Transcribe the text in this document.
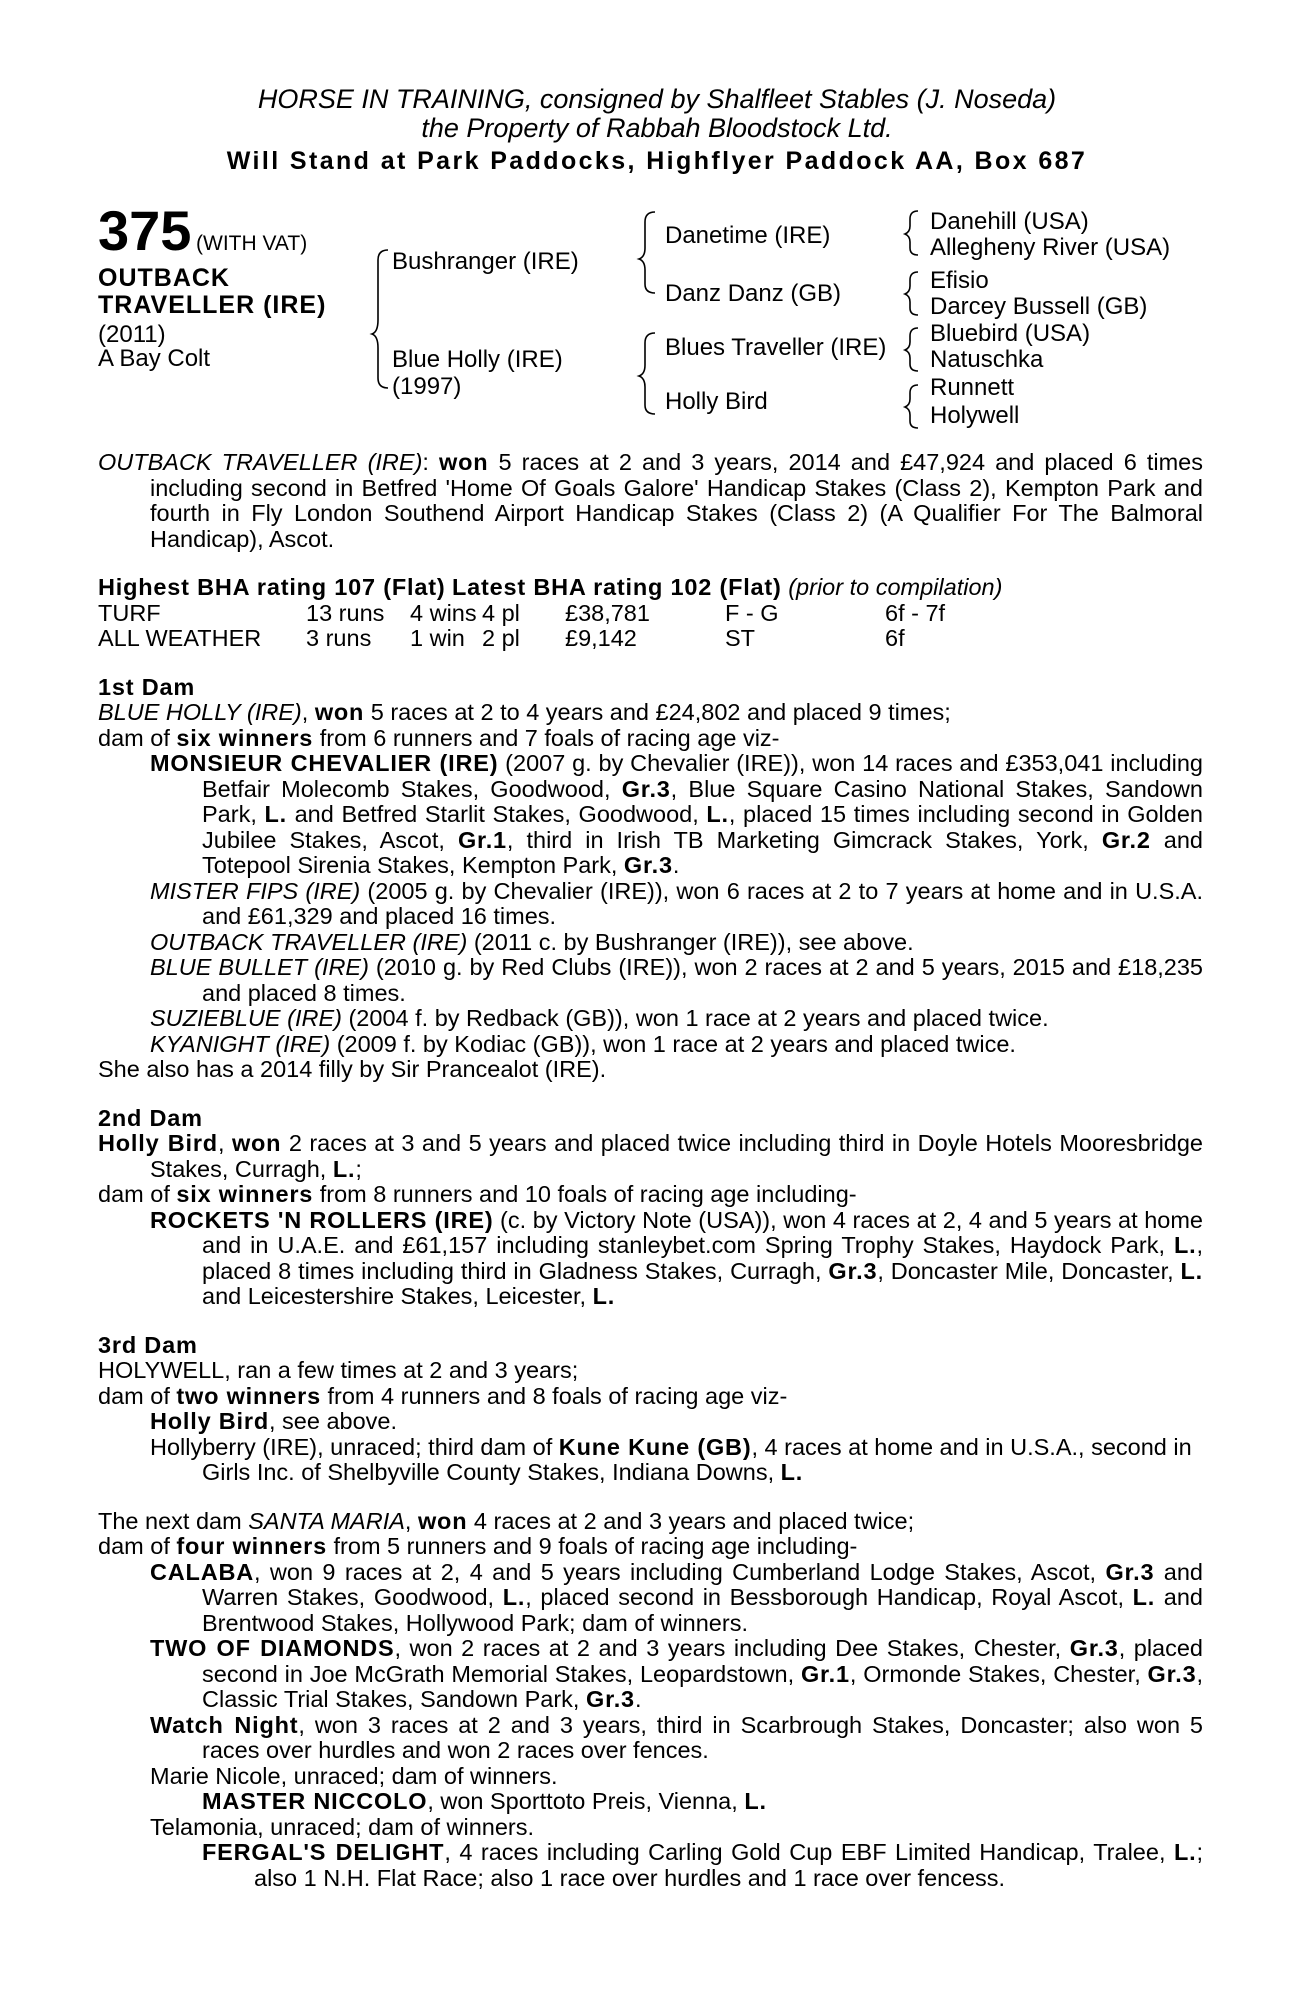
HORSE IN TRAINING, consigned by Shalfleet Stables (J. Noseda)
the Property of Rabbah Bloodstock Ltd.
Will Stand at Park Paddocks, Highflyer Paddock AA, Box 687
375 (WITH VAT)
OUTBACK
TRAVELLER (IRE)
(2011)
A Bay Colt
Bushranger (IRE)
Blue Holly (IRE)
(1997)
Danetime (IRE)
Danz Danz (GB)
Blues Traveller (IRE)
Holly Bird
Danehill (USA)
Allegheny River (USA)
Efisio
Darcey Bussell (GB)
Bluebird (USA)
Natuschka
Runnett
Holywell

OUTBACK TRAVELLER (IRE): won 5 races at 2 and 3 years, 2014 and £47,924 and placed 6 times including second in Betfred 'Home Of Goals Galore' Handicap Stakes (Class 2), Kempton Park and fourth in Fly London Southend Airport Handicap Stakes (Class 2) (A Qualifier For The Balmoral Handicap), Ascot.

Highest BHA rating 107 (Flat) Latest BHA rating 102 (Flat) (prior to compilation)

TURF	13 runs	4 wins	4 pl	£38,781	F - G	6f - 7f
ALL WEATHER	3 runs	1 win	2 pl	£9,142	ST	6f

1st Dam

BLUE HOLLY (IRE), won 5 races at 2 to 4 years and £24,802 and placed 9 times;

dam of six winners from 6 runners and 7 foals of racing age viz-

MONSIEUR CHEVALIER (IRE) (2007 g. by Chevalier (IRE)), won 14 races and £353,041 including Betfair Molecomb Stakes, Goodwood, Gr.3, Blue Square Casino National Stakes, Sandown Park, L. and Betfred Starlit Stakes, Goodwood, L., placed 15 times including second in Golden Jubilee Stakes, Ascot, Gr.1, third in Irish TB Marketing Gimcrack Stakes, York, Gr.2 and Totepool Sirenia Stakes, Kempton Park, Gr.3.

MISTER FIPS (IRE) (2005 g. by Chevalier (IRE)), won 6 races at 2 to 7 years at home and in U.S.A. and £61,329 and placed 16 times.

OUTBACK TRAVELLER (IRE) (2011 c. by Bushranger (IRE)), see above.

BLUE BULLET (IRE) (2010 g. by Red Clubs (IRE)), won 2 races at 2 and 5 years, 2015 and £18,235 and placed 8 times.

SUZIEBLUE (IRE) (2004 f. by Redback (GB)), won 1 race at 2 years and placed twice.

KYANIGHT (IRE) (2009 f. by Kodiac (GB)), won 1 race at 2 years and placed twice.

She also has a 2014 filly by Sir Prancealot (IRE).

2nd Dam

Holly Bird, won 2 races at 3 and 5 years and placed twice including third in Doyle Hotels Mooresbridge Stakes, Curragh, L.;

dam of six winners from 8 runners and 10 foals of racing age including-

ROCKETS 'N ROLLERS (IRE) (c. by Victory Note (USA)), won 4 races at 2, 4 and 5 years at home and in U.A.E. and £61,157 including stanleybet.com Spring Trophy Stakes, Haydock Park, L., placed 8 times including third in Gladness Stakes, Curragh, Gr.3, Doncaster Mile, Doncaster, L. and Leicestershire Stakes, Leicester, L.

3rd Dam

HOLYWELL, ran a few times at 2 and 3 years;

dam of two winners from 4 runners and 8 foals of racing age viz-

Holly Bird, see above.

Hollyberry (IRE), unraced; third dam of Kune Kune (GB), 4 races at home and in U.S.A., second in Girls Inc. of Shelbyville County Stakes, Indiana Downs, L.

The next dam SANTA MARIA, won 4 races at 2 and 3 years and placed twice;

dam of four winners from 5 runners and 9 foals of racing age including-

CALABA, won 9 races at 2, 4 and 5 years including Cumberland Lodge Stakes, Ascot, Gr.3 and Warren Stakes, Goodwood, L., placed second in Bessborough Handicap, Royal Ascot, L. and Brentwood Stakes, Hollywood Park; dam of winners.

TWO OF DIAMONDS, won 2 races at 2 and 3 years including Dee Stakes, Chester, Gr.3, placed second in Joe McGrath Memorial Stakes, Leopardstown, Gr.1, Ormonde Stakes, Chester, Gr.3, Classic Trial Stakes, Sandown Park, Gr.3.

Watch Night, won 3 races at 2 and 3 years, third in Scarbrough Stakes, Doncaster; also won 5 races over hurdles and won 2 races over fences.

Marie Nicole, unraced; dam of winners.

MASTER NICCOLO, won Sporttoto Preis, Vienna, L.

Telamonia, unraced; dam of winners.

FERGAL'S DELIGHT, 4 races including Carling Gold Cup EBF Limited Handicap, Tralee, L.; also 1 N.H. Flat Race; also 1 race over hurdles and 1 race over fencess.
